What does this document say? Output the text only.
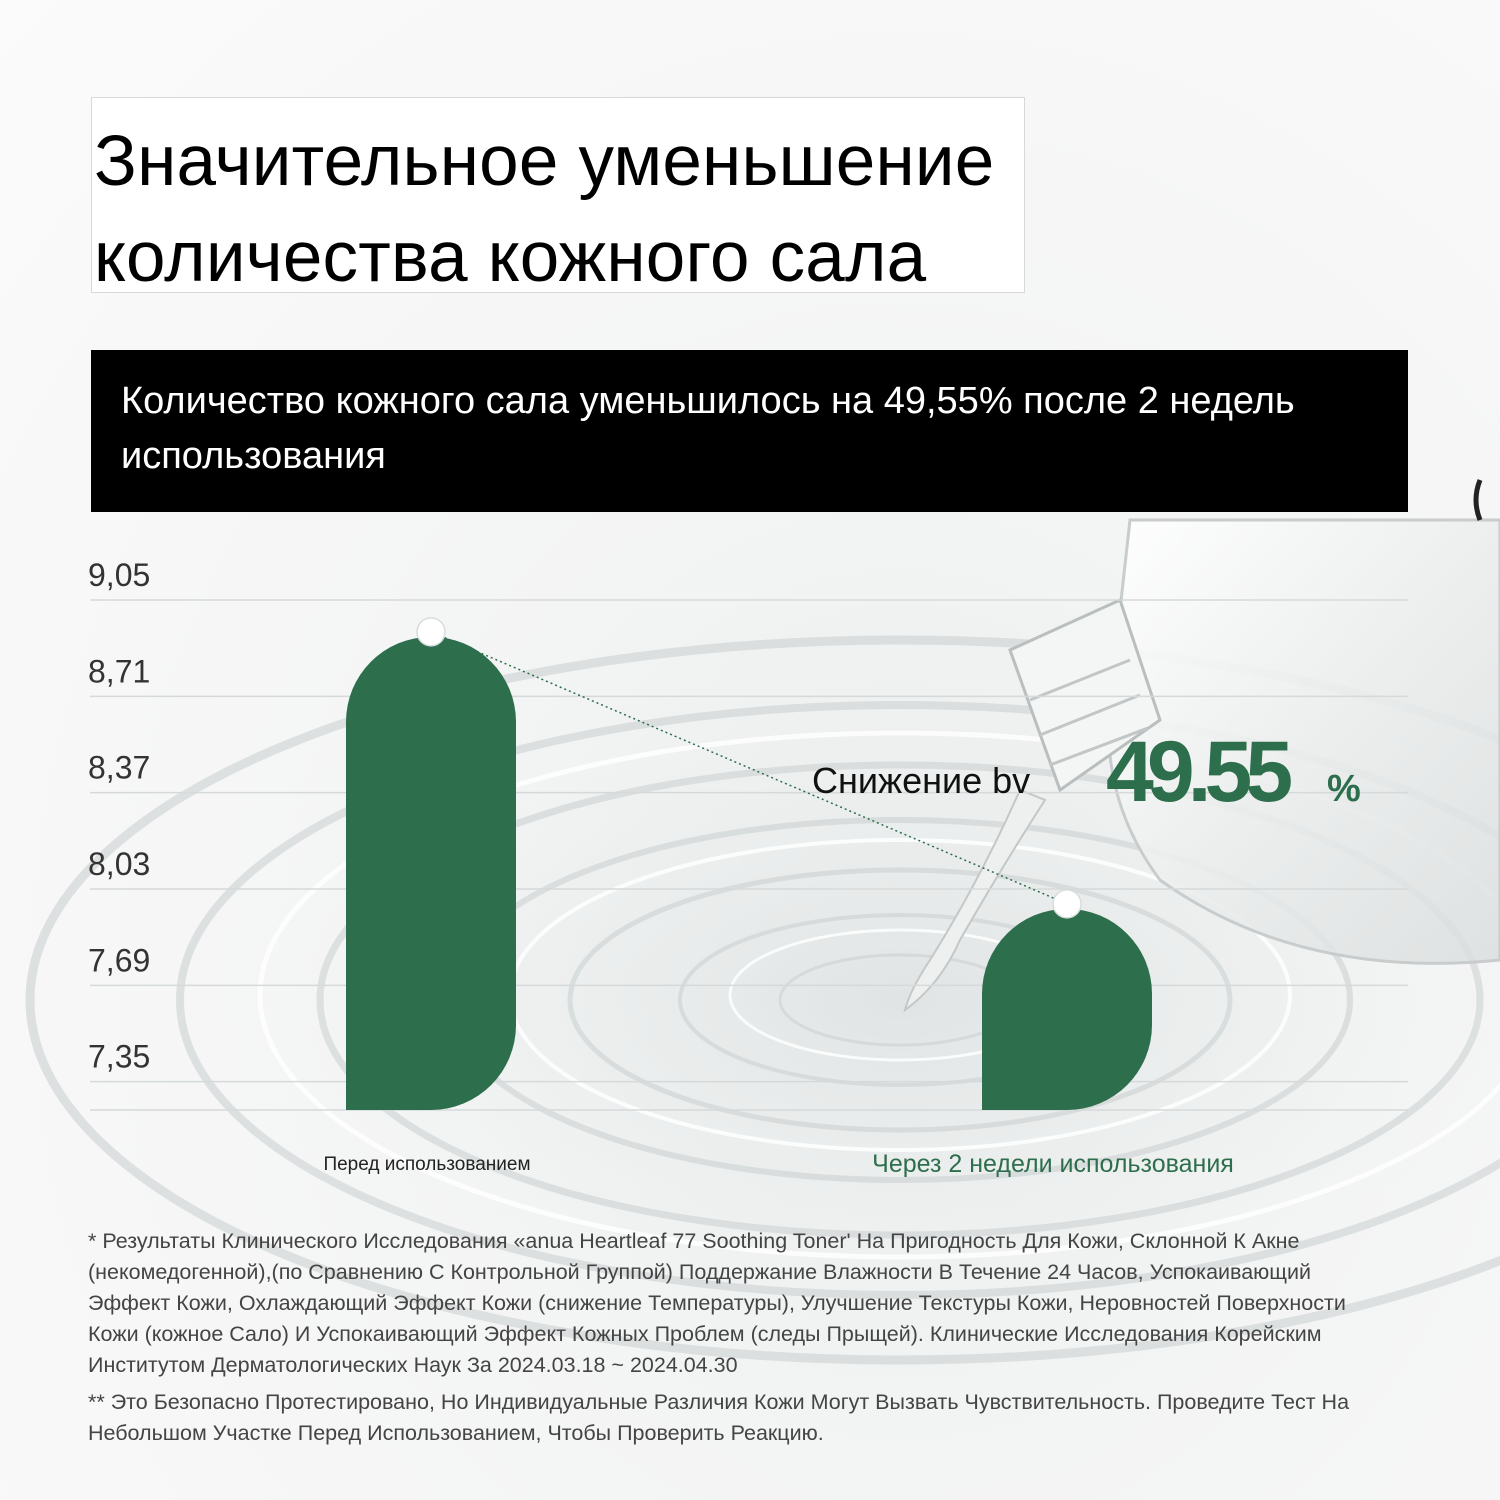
Значительное уменьшение
количества кожного сала
Количество кожного сала уменьшилось на 49,55% после 2 недель использования
9,05
8,71
8,37
8,03
7,69
7,35
Перед использованием	Через 2 недели использования
Снижение bv 49.55 %

* Результаты Клинического Исследования «anua Heartleaf 77 Soothing Toner' На Пригодность Для Кожи, Склонной К Акне (некомедогенной),(по Сравнению С Контрольной Группой) Поддержание Влажности В Течение 24 Часов, Успокаивающий Эффект Кожи, Охлаждающий Эффект Кожи (снижение Температуры), Улучшение Текстуры Кожи, Неровностей Поверхности Кожи (кожное Сало) И Успокаивающий Эффект Кожных Проблем (следы Прыщей). Клинические Исследования Корейским Институтом Дерматологических Наук За 2024.03.18 ~ 2024.04.30

** Это Безопасно Протестировано, Но Индивидуальные Различия Кожи Могут Вызвать Чувствительность. Проведите Тест На Небольшом Участке Перед Использованием, Чтобы Проверить Реакцию.
